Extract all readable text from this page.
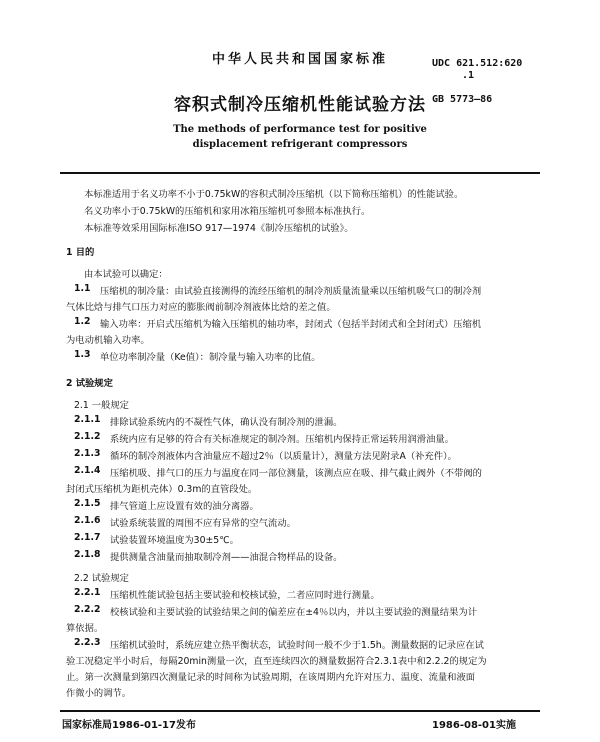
中华人民共和国国家标准	UDC 621.512:620
.1
GB 5773—86
容积式制冷压缩机性能试验方法
The methods of performance test for positive
displacement refrigerant compressors
本标准适用于名义功率不小于0.75kW的容积式制冷压缩机（以下简称压缩机）的性能试验。
名义功率小于0.75kW的压缩机和家用冰箱压缩机可参照本标准执行。
本标准等效采用国际标准ISO 917—1974《制冷压缩机的试验》。
1 目的
由本试验可以确定：
1.1 压缩机的制冷量：由试验直接测得的流经压缩机的制冷剂质量流量乘以压缩机吸气口的制冷剂
气体比焓与排气口压力对应的膨胀阀前制冷剂液体比焓的差之值。
1.2 输入功率：开启式压缩机为输入压缩机的轴功率，封闭式（包括半封闭式和全封闭式）压缩机
为电动机输入功率。
1.3 单位功率制冷量（Ke值）：制冷量与输入功率的比值。
2 试验规定
2.1 一般规定
2.1.1 排除试验系统内的不凝性气体，确认没有制冷剂的泄漏。
2.1.2 系统内应有足够的符合有关标准规定的制冷剂。压缩机内保持正常运转用润滑油量。
2.1.3 循环的制冷剂液体内含油量应不超过2％（以质量计），测量方法见附录A（补充件）。
2.1.4 压缩机吸、排气口的压力与温度在同一部位测量，该测点应在吸、排气截止阀外（不带阀的
封闭式压缩机为距机壳体）0.3m的直管段处。
2.1.5 排气管道上应设置有效的油分离器。
2.1.6 试验系统装置的周围不应有异常的空气流动。
2.1.7 试验装置环境温度为30±5℃。
2.1.8 提供测量含油量而抽取制冷剂——油混合物样品的设备。
2.2 试验规定
2.2.1 压缩机性能试验包括主要试验和校核试验，二者应同时进行测量。
2.2.2 校核试验和主要试验的试验结果之间的偏差应在±4％以内，并以主要试验的测量结果为计
算依据。
2.2.3 压缩机试验时，系统应建立热平衡状态，试验时间一般不少于1.5h。测量数据的记录应在试
验工况稳定半小时后，每隔20min测量一次，直至连续四次的测量数据符合2.3.1表中和2.2.2的规定为
止。第一次测量到第四次测量记录的时间称为试验周期，在该周期内允许对压力、温度、流量和液面
作微小的调节。
国家标准局1986-01-17发布	1986-08-01实施
